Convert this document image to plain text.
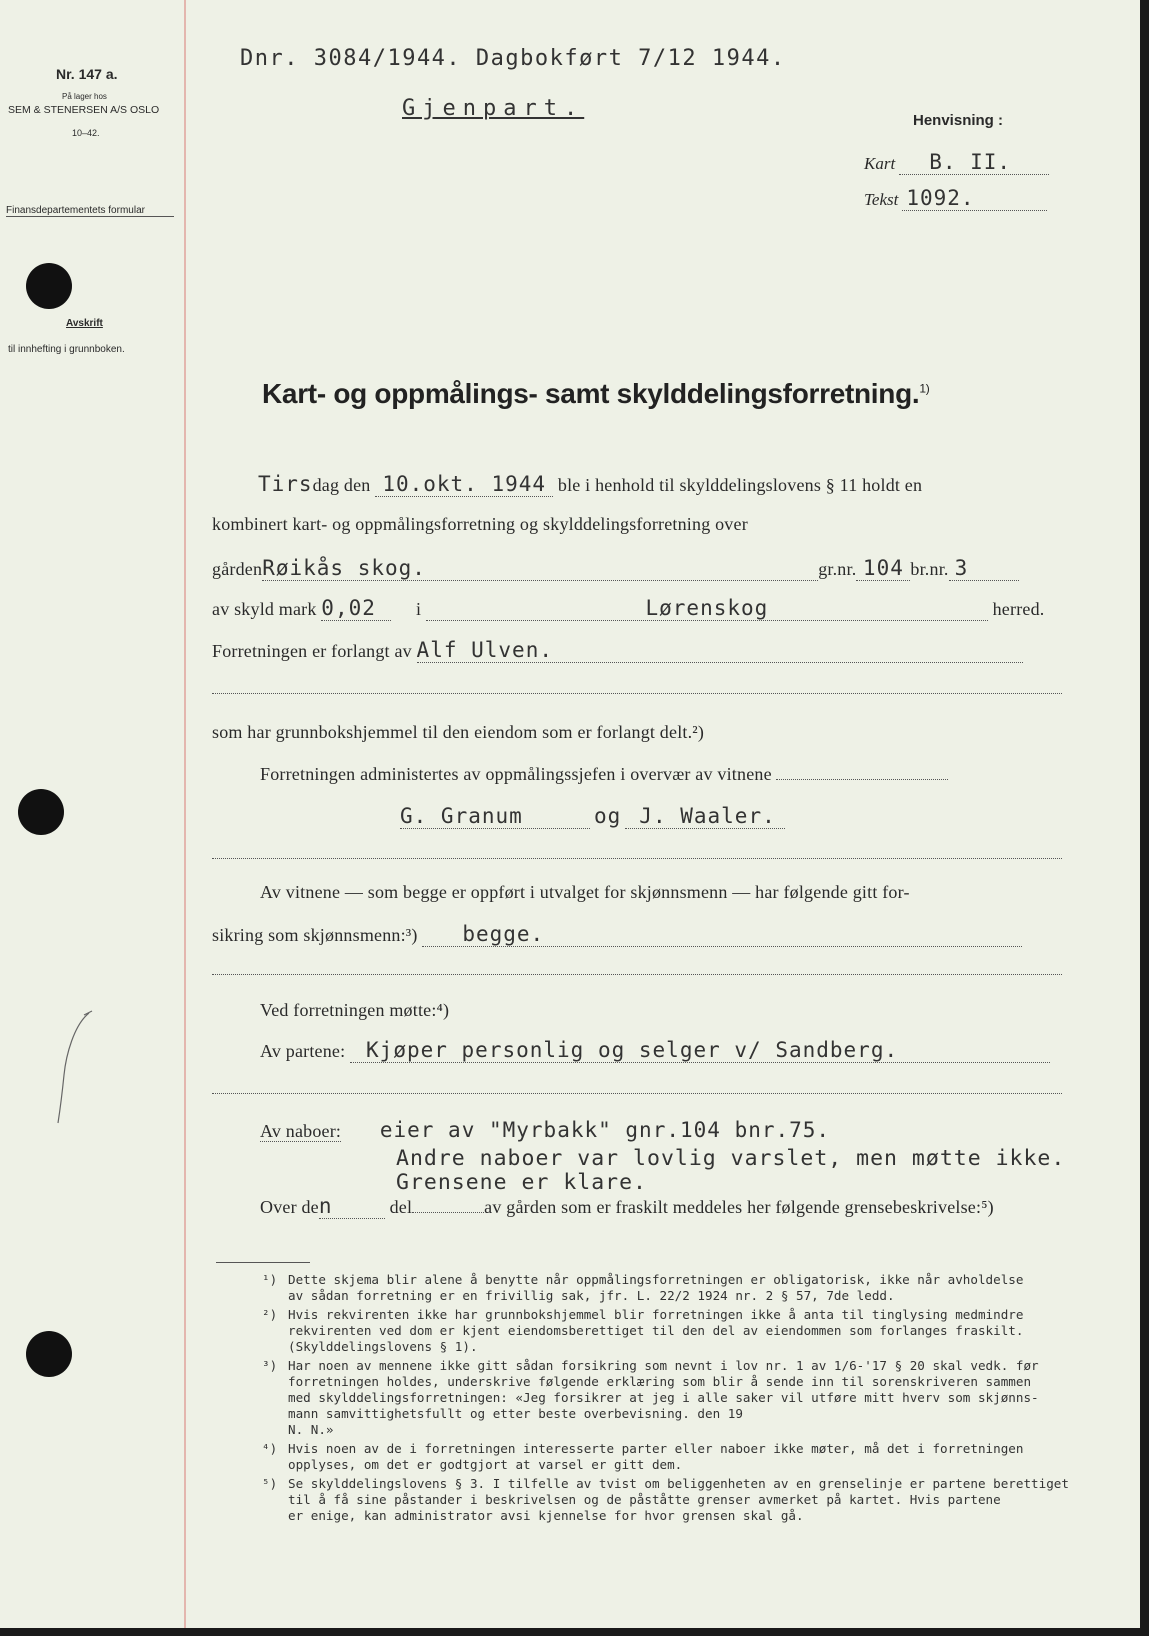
Nr. 147 a.
På lager hos
SEM & STENERSEN A/S OSLO
10–42.
Finansdepartementets formular
Avskrift
til innhefting i grunnboken.
Dnr. 3084/1944. Dagbokført 7/12 1944.
Gjenpart.	Henvisning :
Kart B. II.
Tekst 1092.
Kart- og oppmålings- samt skylddelingsforretning.$^{1)}$
Tirsdag den 10.okt. 1944 ble i henhold til skylddelingslovens § 11 holdt en
kombinert kart- og oppmålingsforretning og skylddelingsforretning over
gårdenRøikås skog.	gr.nr. 104 br.nr. 3
av skyld mark 0,02 i	Lørenskog	herred.
Forretningen er forlangt av Alf Ulven.
som har grunnbokshjemmel til den eiendom som er forlangt delt.²)
Forretningen administertes av oppmålingssjefen i overvær av vitnene
G. Granum	og J. Waaler.
Av vitnene — som begge er oppført i utvalget for skjønnsmenn — har følgende gitt for-
sikring som skjønnsmenn:³) begge.
Ved forretningen møtte:⁴)
Av partene: Kjøper personlig og selger v/ Sandberg.
Av naboer: eier av "Myrbakk" gnr.104 bnr.75.
Andre naboer var lovlig varslet, men møtte ikke.
Grensene er klare.
Over den	del	av gården som er fraskilt meddeles her følgende grensebeskrivelse:⁵)
¹) Dette skjema blir alene å benytte når oppmålingsforretningen er obligatorisk, ikke når avholdelse
av sådan forretning er en frivillig sak, jfr. L. 22/2 1924 nr. 2 § 57, 7de ledd.
²) Hvis rekvirenten ikke har grunnbokshjemmel blir forretningen ikke å anta til tinglysing medmindre
rekvirenten ved dom er kjent eiendomsberettiget til den del av eiendommen som forlanges fraskilt.
(Skylddelingslovens § 1).
³) Har noen av mennene ikke gitt sådan forsikring som nevnt i lov nr. 1 av 1/6-'17 § 20 skal vedk. før
forretningen holdes, underskrive følgende erklæring som blir å sende inn til sorenskriveren sammen
med skylddelingsforretningen: «Jeg forsikrer at jeg i alle saker vil utføre mitt hverv som skjønns-
mann samvittighetsfullt og etter beste overbevisning. den 19
N. N.»
⁴) Hvis noen av de i forretningen interesserte parter eller naboer ikke møter, må det i forretningen
opplyses, om det er godtgjort at varsel er gitt dem.
⁵) Se skylddelingslovens § 3. I tilfelle av tvist om beliggenheten av en grenselinje er partene berettiget
til å få sine påstander i beskrivelsen og de påståtte grenser avmerket på kartet. Hvis partene
er enige, kan administrator avsi kjennelse for hvor grensen skal gå.
